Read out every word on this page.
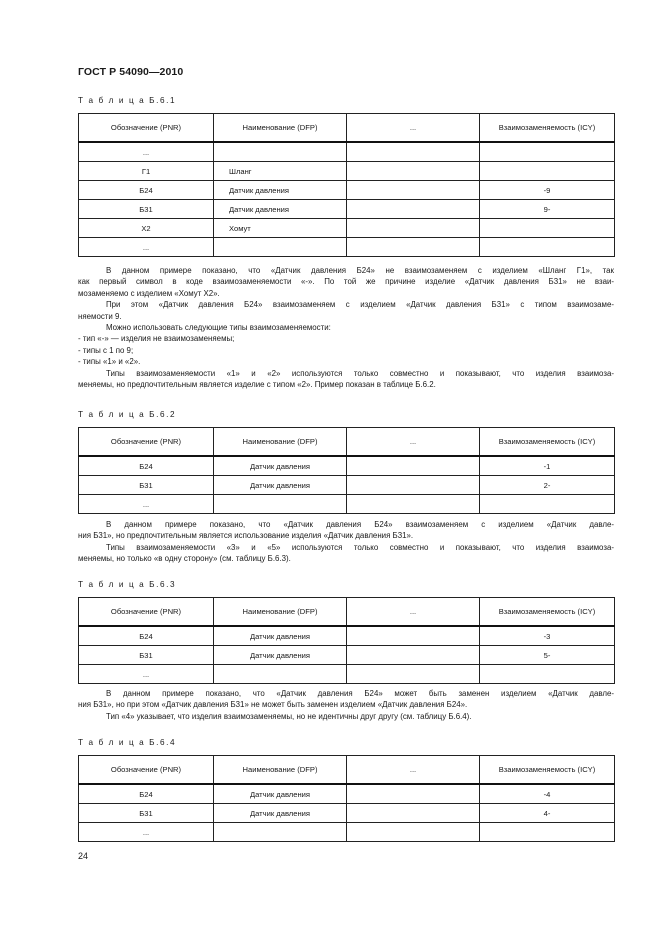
ГОСТ Р 54090—2010
Т а б л и ц а Б.6.1
Обозначение (PNR)	Наименование (DFP)	...	Взаимозаменяемость (ICY)
...			
Г1	Шланг		
Б24	Датчик давления		-9
Б31	Датчик давления		9-
Х2	Хомут		
...			

В данном примере показано, что «Датчик давления Б24» не взаимозаменяем с изделием «Шланг Г1», так

как первый символ в коде взаимозаменяемости «-». По той же причине изделие «Датчик давления Б31» не взаи-

мозаменяемо с изделием «Хомут Х2».

При этом «Датчик давления Б24» взаимозаменяем с изделием «Датчик давления Б31» с типом взаимозаме-

няемости 9.

Можно использовать следующие типы взаимозаменяемости:

- тип «-» — изделия не взаимозаменяемы;

- типы с 1 по 9;

- типы «1» и «2».

Типы взаимозаменяемости «1» и «2» используются только совместно и показывают, что изделия взаимоза-

меняемы, но предпочтительным является изделие с типом «2». Пример показан в таблице Б.6.2.

Т а б л и ц а Б.6.2
Обозначение (PNR)	Наименование (DFP)	...	Взаимозаменяемость (ICY)
Б24	Датчик давления		-1
Б31	Датчик давления		2-
...			

В данном примере показано, что «Датчик давления Б24» взаимозаменяем с изделием «Датчик давле-

ния Б31», но предпочтительным является использование изделия «Датчик давления Б31».

Типы взаимозаменяемости «3» и «5» используются только совместно и показывают, что изделия взаимоза-

меняемы, но только «в одну сторону» (см. таблицу Б.6.3).

Т а б л и ц а Б.6.3
Обозначение (PNR)	Наименование (DFP)	...	Взаимозаменяемость (ICY)
Б24	Датчик давления		-3
Б31	Датчик давления		5-
...			

В данном примере показано, что «Датчик давления Б24» может быть заменен изделием «Датчик давле-

ния Б31», но при этом «Датчик давления Б31» не может быть заменен изделием «Датчик давления Б24».

Тип «4» указывает, что изделия взаимозаменяемы, но не идентичны друг другу (см. таблицу Б.6.4).

Т а б л и ц а Б.6.4
Обозначение (PNR)	Наименование (DFP)	...	Взаимозаменяемость (ICY)
Б24	Датчик давления		-4
Б31	Датчик давления		4-
...			
24
